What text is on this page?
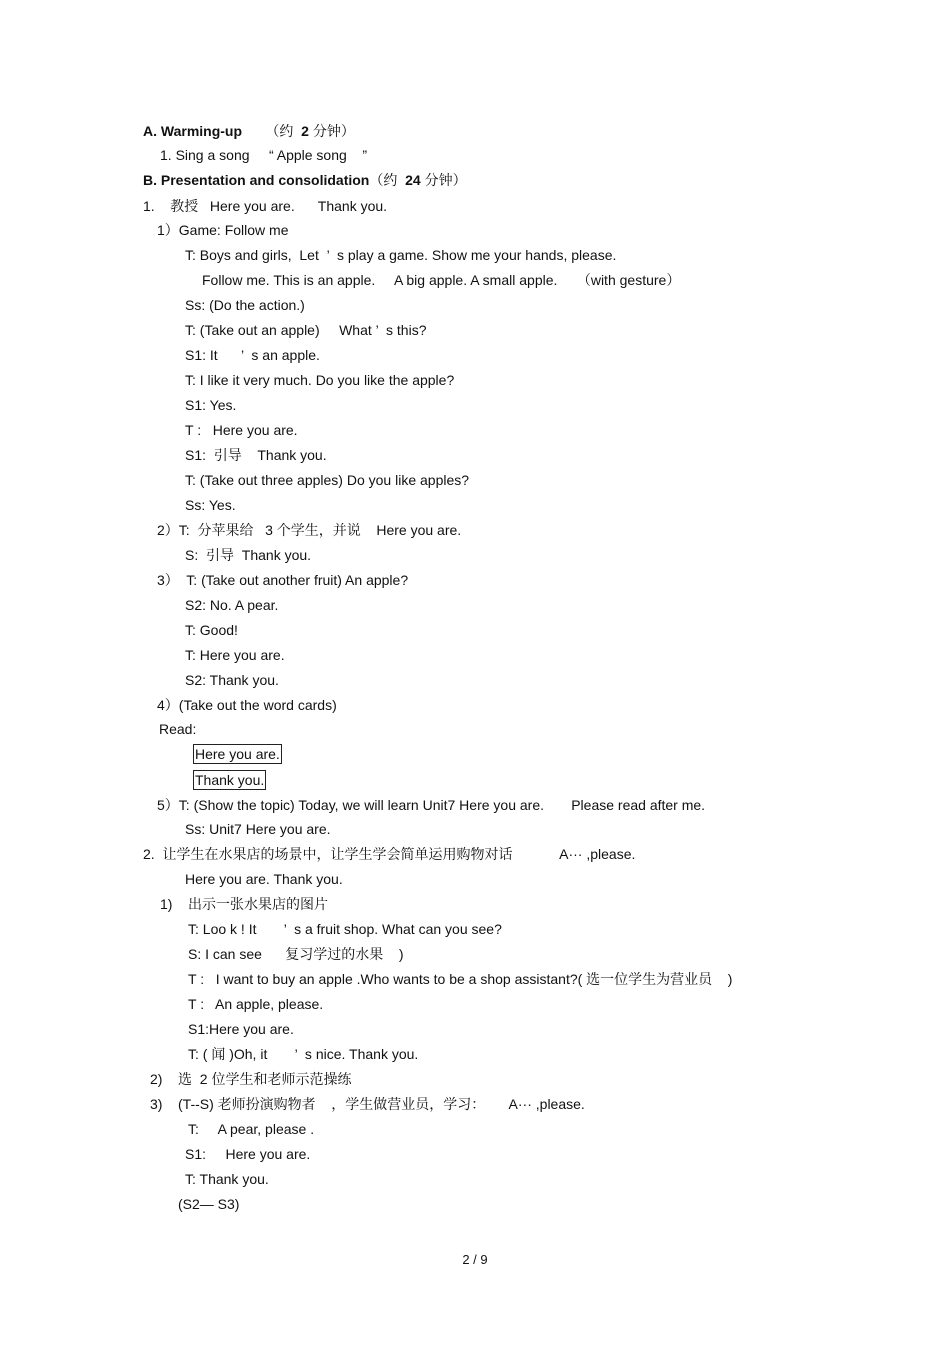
A. Warming-up      （约  2 分钟）
1. Sing a song     “ Apple song    ”
B. Presentation and consolidation（约  24 分钟）
1.    教授   Here you are.      Thank you.
1）Game: Follow me
T: Boys and girls,  Let  ’  s play a game. Show me your hands, please.
Follow me. This is an apple.     A big apple. A small apple.     （with gesture）
Ss: (Do the action.)
T: (Take out an apple)     What ’  s this?
S1: It      ’  s an apple.
T: I like it very much. Do you like the apple?
S1: Yes.
T :   Here you are.
S1:  引导    Thank you.
T: (Take out three apples) Do you like apples?
Ss: Yes.
2）T:  分苹果给   3 个学生，并说    Here you are.
S:  引导  Thank you.
3）  T: (Take out another fruit) An apple?
S2: No. A pear.
T: Good!
T: Here you are.
S2: Thank you.
4）(Take out the word cards)
Read:
5）T: (Show the topic) Today, we will learn Unit7 Here you are.       Please read after me.
Ss: Unit7 Here you are.
2.  让学生在水果店的场景中，让学生学会简单运用购物对话            A··· ,please.
Here you are. Thank you.
1)    出示一张水果店的图片
T: Loo k ! It       ’  s a fruit shop. What can you see?
S: I can see      复习学过的水果    )
T :   I want to buy an apple .Who wants to be a shop assistant?( 选一位学生为营业员    )
T :   An apple, please.
S1:Here you are.
T: ( 闻 )Oh, it       ’  s nice. Thank you.
2)    选  2 位学生和老师示范操练
3)    (T--S) 老师扮演购物者    ，学生做营业员，学习：      A··· ,please.
T:     A pear, please .
S1:     Here you are.
T: Thank you.
(S2— S3)
Here you are.
Thank you.
2 / 9
